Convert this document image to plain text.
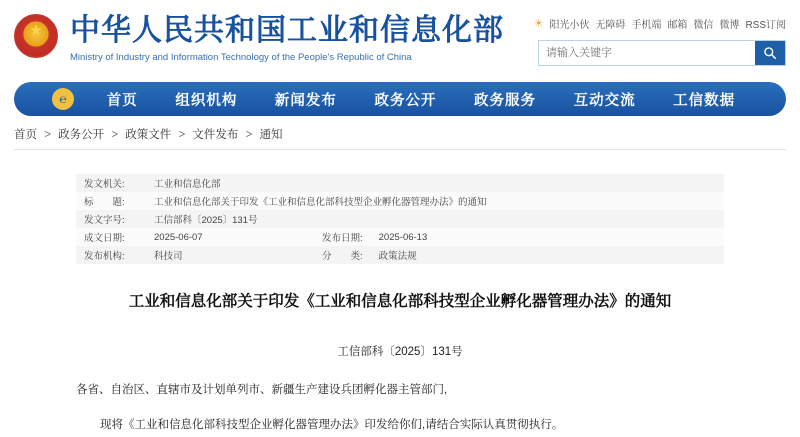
★
中华人民共和国工业和信息化部
Ministry of Industry and Information Technology of the People's Republic of China
☀ 阳光小伙 无障碍 手机端 邮箱 微信 微博 RSS订阅
请输入关键字
℮	首页	组织机构	新闻发布	政务公开	政务服务	互动交流	工信数据
首页 > 政务公开 > 政策文件 > 文件发布 > 通知
发文机关:	工业和信息化部		
标　　题:	工业和信息化部关于印发《工业和信息化部科技型企业孵化器管理办法》的通知		
发文字号:	工信部科〔2025〕131号		
成文日期:	2025-06-07	发布日期:	2025-06-13
发布机构:	科技司	分　　类:	政策法规
工业和信息化部关于印发《工业和信息化部科技型企业孵化器管理办法》的通知
工信部科〔2025〕131号
各省、自治区、直辖市及计划单列市、新疆生产建设兵团孵化器主管部门,
现将《工业和信息化部科技型企业孵化器管理办法》印发给你们,请结合实际认真贯彻执行。
